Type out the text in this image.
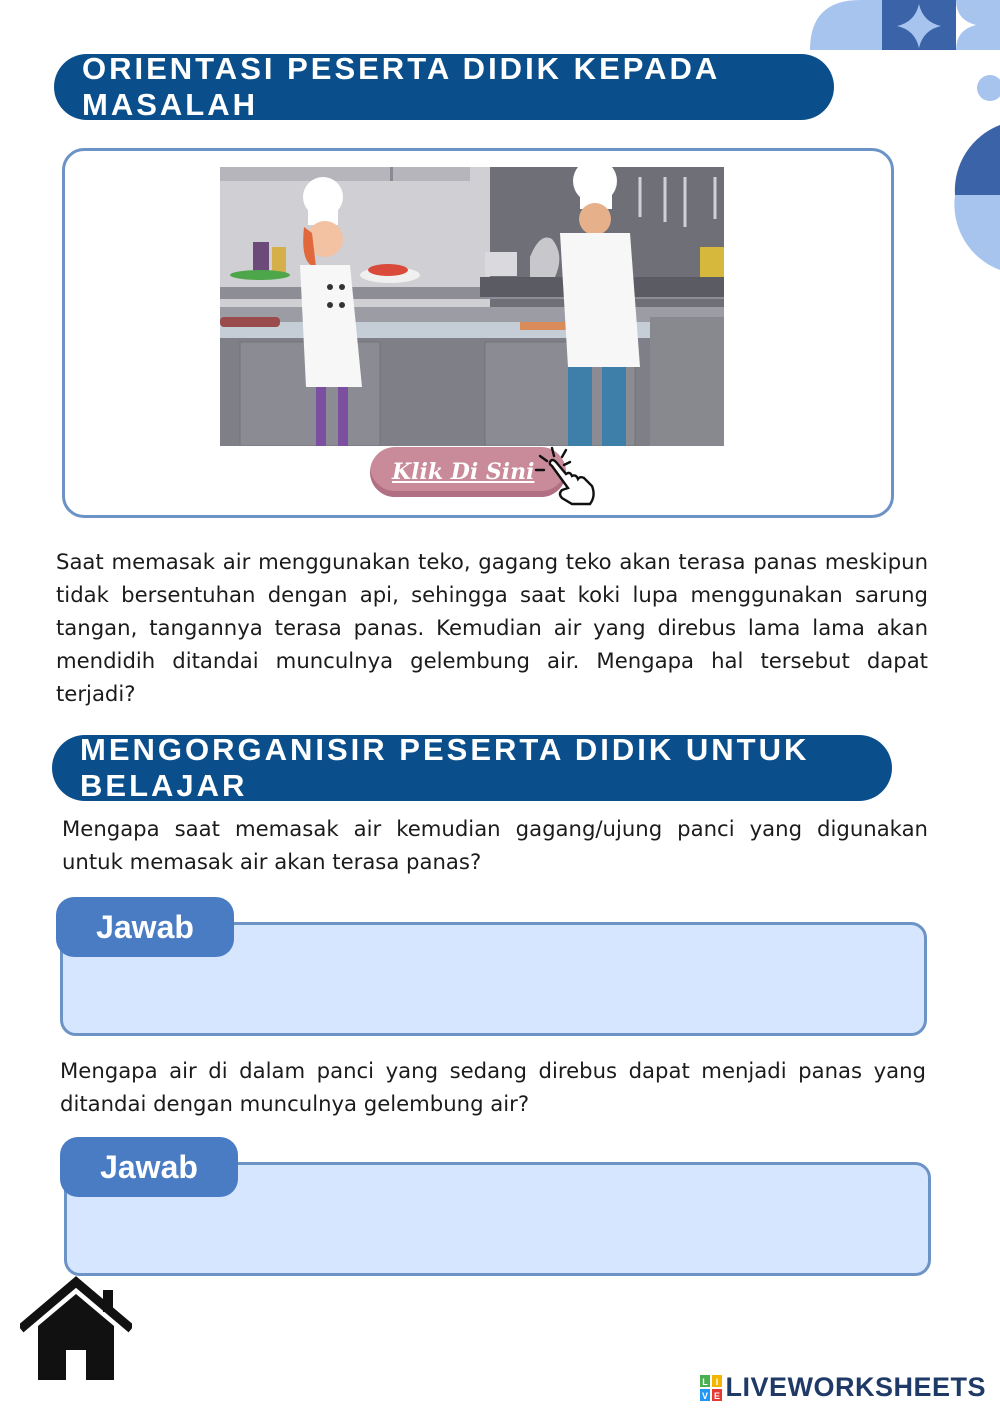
ORIENTASI PESERTA DIDIK KEPADA MASALAH
Klik Di Sini

Saat memasak air menggunakan teko, gagang teko akan terasa panas meskipun tidak bersentuhan dengan api, sehingga saat koki lupa menggunakan sarung tangan, tangannya terasa panas. Kemudian air yang direbus lama lama akan mendidih ditandai munculnya gelembung air. Mengapa hal tersebut dapat terjadi?

MENGORGANISIR PESERTA DIDIK UNTUK BELAJAR

Mengapa saat memasak air kemudian gagang/ujung panci yang digunakan untuk memasak air akan terasa panas?

Jawab

Mengapa air di dalam panci yang sedang direbus dapat menjadi panas yang ditandai dengan munculnya gelembung air?

Jawab
L I
V E LIVEWORKSHEETS
